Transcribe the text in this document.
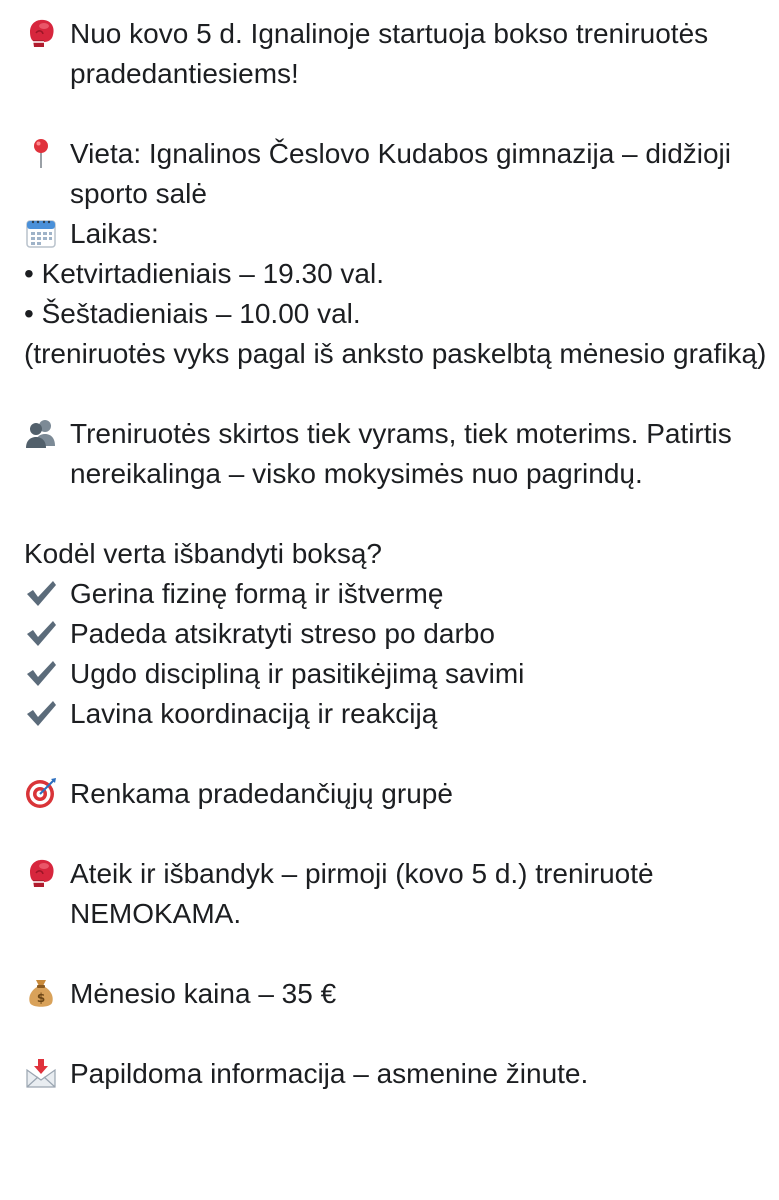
Nuo kovo 5 d. Ignalinoje startuoja bokso treniruotės pradedantiesiems!
Vieta: Ignalinos Česlovo Kudabos gimnazija – didžioji sporto salė
Laikas:
• Ketvirtadieniais – 19.30 val.
• Šeštadieniais – 10.00 val.
(treniruotės vyks pagal iš anksto paskelbtą mėnesio grafiką)
Treniruotės skirtos tiek vyrams, tiek moterims. Patirtis nereikalinga – visko mokysimės nuo pagrindų.
Kodėl verta išbandyti boksą?
Gerina fizinę formą ir ištvermę
Padeda atsikratyti streso po darbo
Ugdo discipliną ir pasitikėjimą savimi
Lavina koordinaciją ir reakciją
Renkama pradedančiųjų grupė
Ateik ir išbandyk – pirmoji (kovo 5 d.) treniruotė NEMOKAMA.
$ Mėnesio kaina – 35 €
Papildoma informacija – asmenine žinute.
